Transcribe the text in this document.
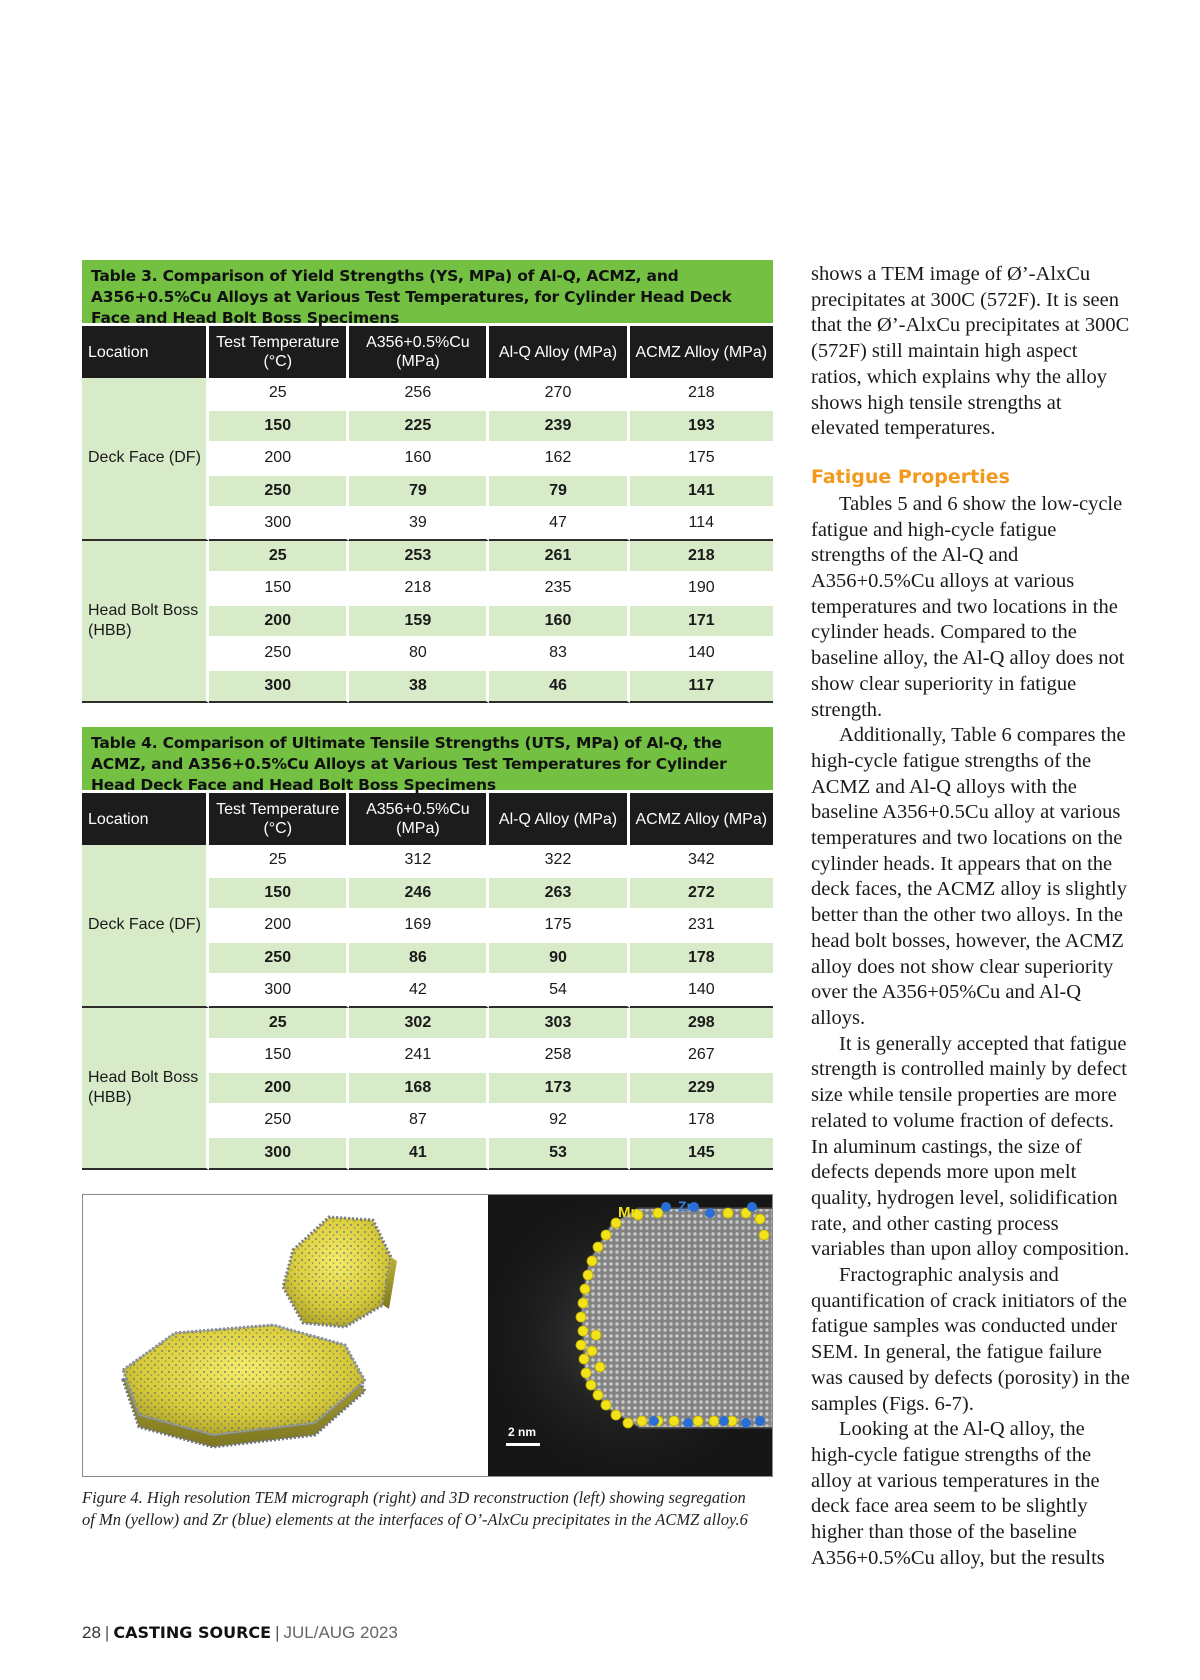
Table 3. Comparison of Yield Strengths (YS, MPa) of Al-Q, ACMZ, and A356+0.5%Cu Alloys at Various Test Temperatures, for Cylinder Head Deck Face and Head Bolt Boss Specimens
Location	Test Temperature (°C)	A356+0.5%Cu (MPa)	Al-Q Alloy (MPa)	ACMZ Alloy (MPa)
Deck Face (DF)	25	256	270	218
	150	225	239	193
	200	160	162	175
	250	79	79	141
	300	39	47	114
Head Bolt Boss (HBB)	25	253	261	218
	150	218	235	190
	200	159	160	171
	250	80	83	140
	300	38	46	117
Table 4. Comparison of Ultimate Tensile Strengths (UTS, MPa) of Al-Q, the ACMZ, and A356+0.5%Cu Alloys at Various Test Temperatures for Cylinder Head Deck Face and Head Bolt Boss Specimens
Location	Test Temperature (°C)	A356+0.5%Cu (MPa)	Al-Q Alloy (MPa)	ACMZ Alloy (MPa)
Deck Face (DF)	25	312	322	342
	150	246	263	272
	200	169	175	231
	250	86	90	178
	300	42	54	140
Head Bolt Boss (HBB)	25	302	303	298
	150	241	258	267
	200	168	173	229
	250	87	92	178
	300	41	53	145
Mn	Zr
2 nm
Figure 4. High resolution TEM micrograph (right) and 3D reconstruction (left) showing segregation of Mn (yellow) and Zr (blue) elements at the interfaces of O’-AlxCu precipitates in the ACMZ alloy.6

shows a TEM image of Ø’-AlxCu precipitates at 300C (572F). It is seen that the Ø’-AlxCu precipitates at 300C (572F) still maintain high aspect ratios, which explains why the alloy shows high tensile strengths at elevated temperatures.

Fatigue Properties

Tables 5 and 6 show the low-cycle fatigue and high-cycle fatigue strengths of the Al-Q and A356+0.5%Cu alloys at various temperatures and two locations in the cylinder heads. Compared to the baseline alloy, the Al-Q alloy does not show clear superiority in fatigue strength.

Additionally, Table 6 compares the high-cycle fatigue strengths of the ACMZ and Al-Q alloys with the baseline A356+0.5Cu alloy at various temperatures and two locations on the cylinder heads. It appears that on the deck faces, the ACMZ alloy is slightly better than the other two alloys. In the head bolt bosses, however, the ACMZ alloy does not show clear superiority over the A356+05%Cu and Al-Q alloys.

It is generally accepted that fatigue strength is controlled mainly by defect size while tensile properties are more related to volume fraction of defects. In aluminum castings, the size of defects depends more upon melt quality, hydrogen level, solidification rate, and other casting process variables than upon alloy composition.

Fractographic analysis and quantification of crack initiators of the fatigue samples was conducted under SEM. In general, the fatigue failure was caused by defects (porosity) in the samples (Figs. 6-7).

Looking at the Al-Q alloy, the high-cycle fatigue strengths of the alloy at various temperatures in the deck face area seem to be slightly higher than those of the baseline A356+0.5%Cu alloy, but the results

28 | CASTING SOURCE | JUL/AUG 2023
